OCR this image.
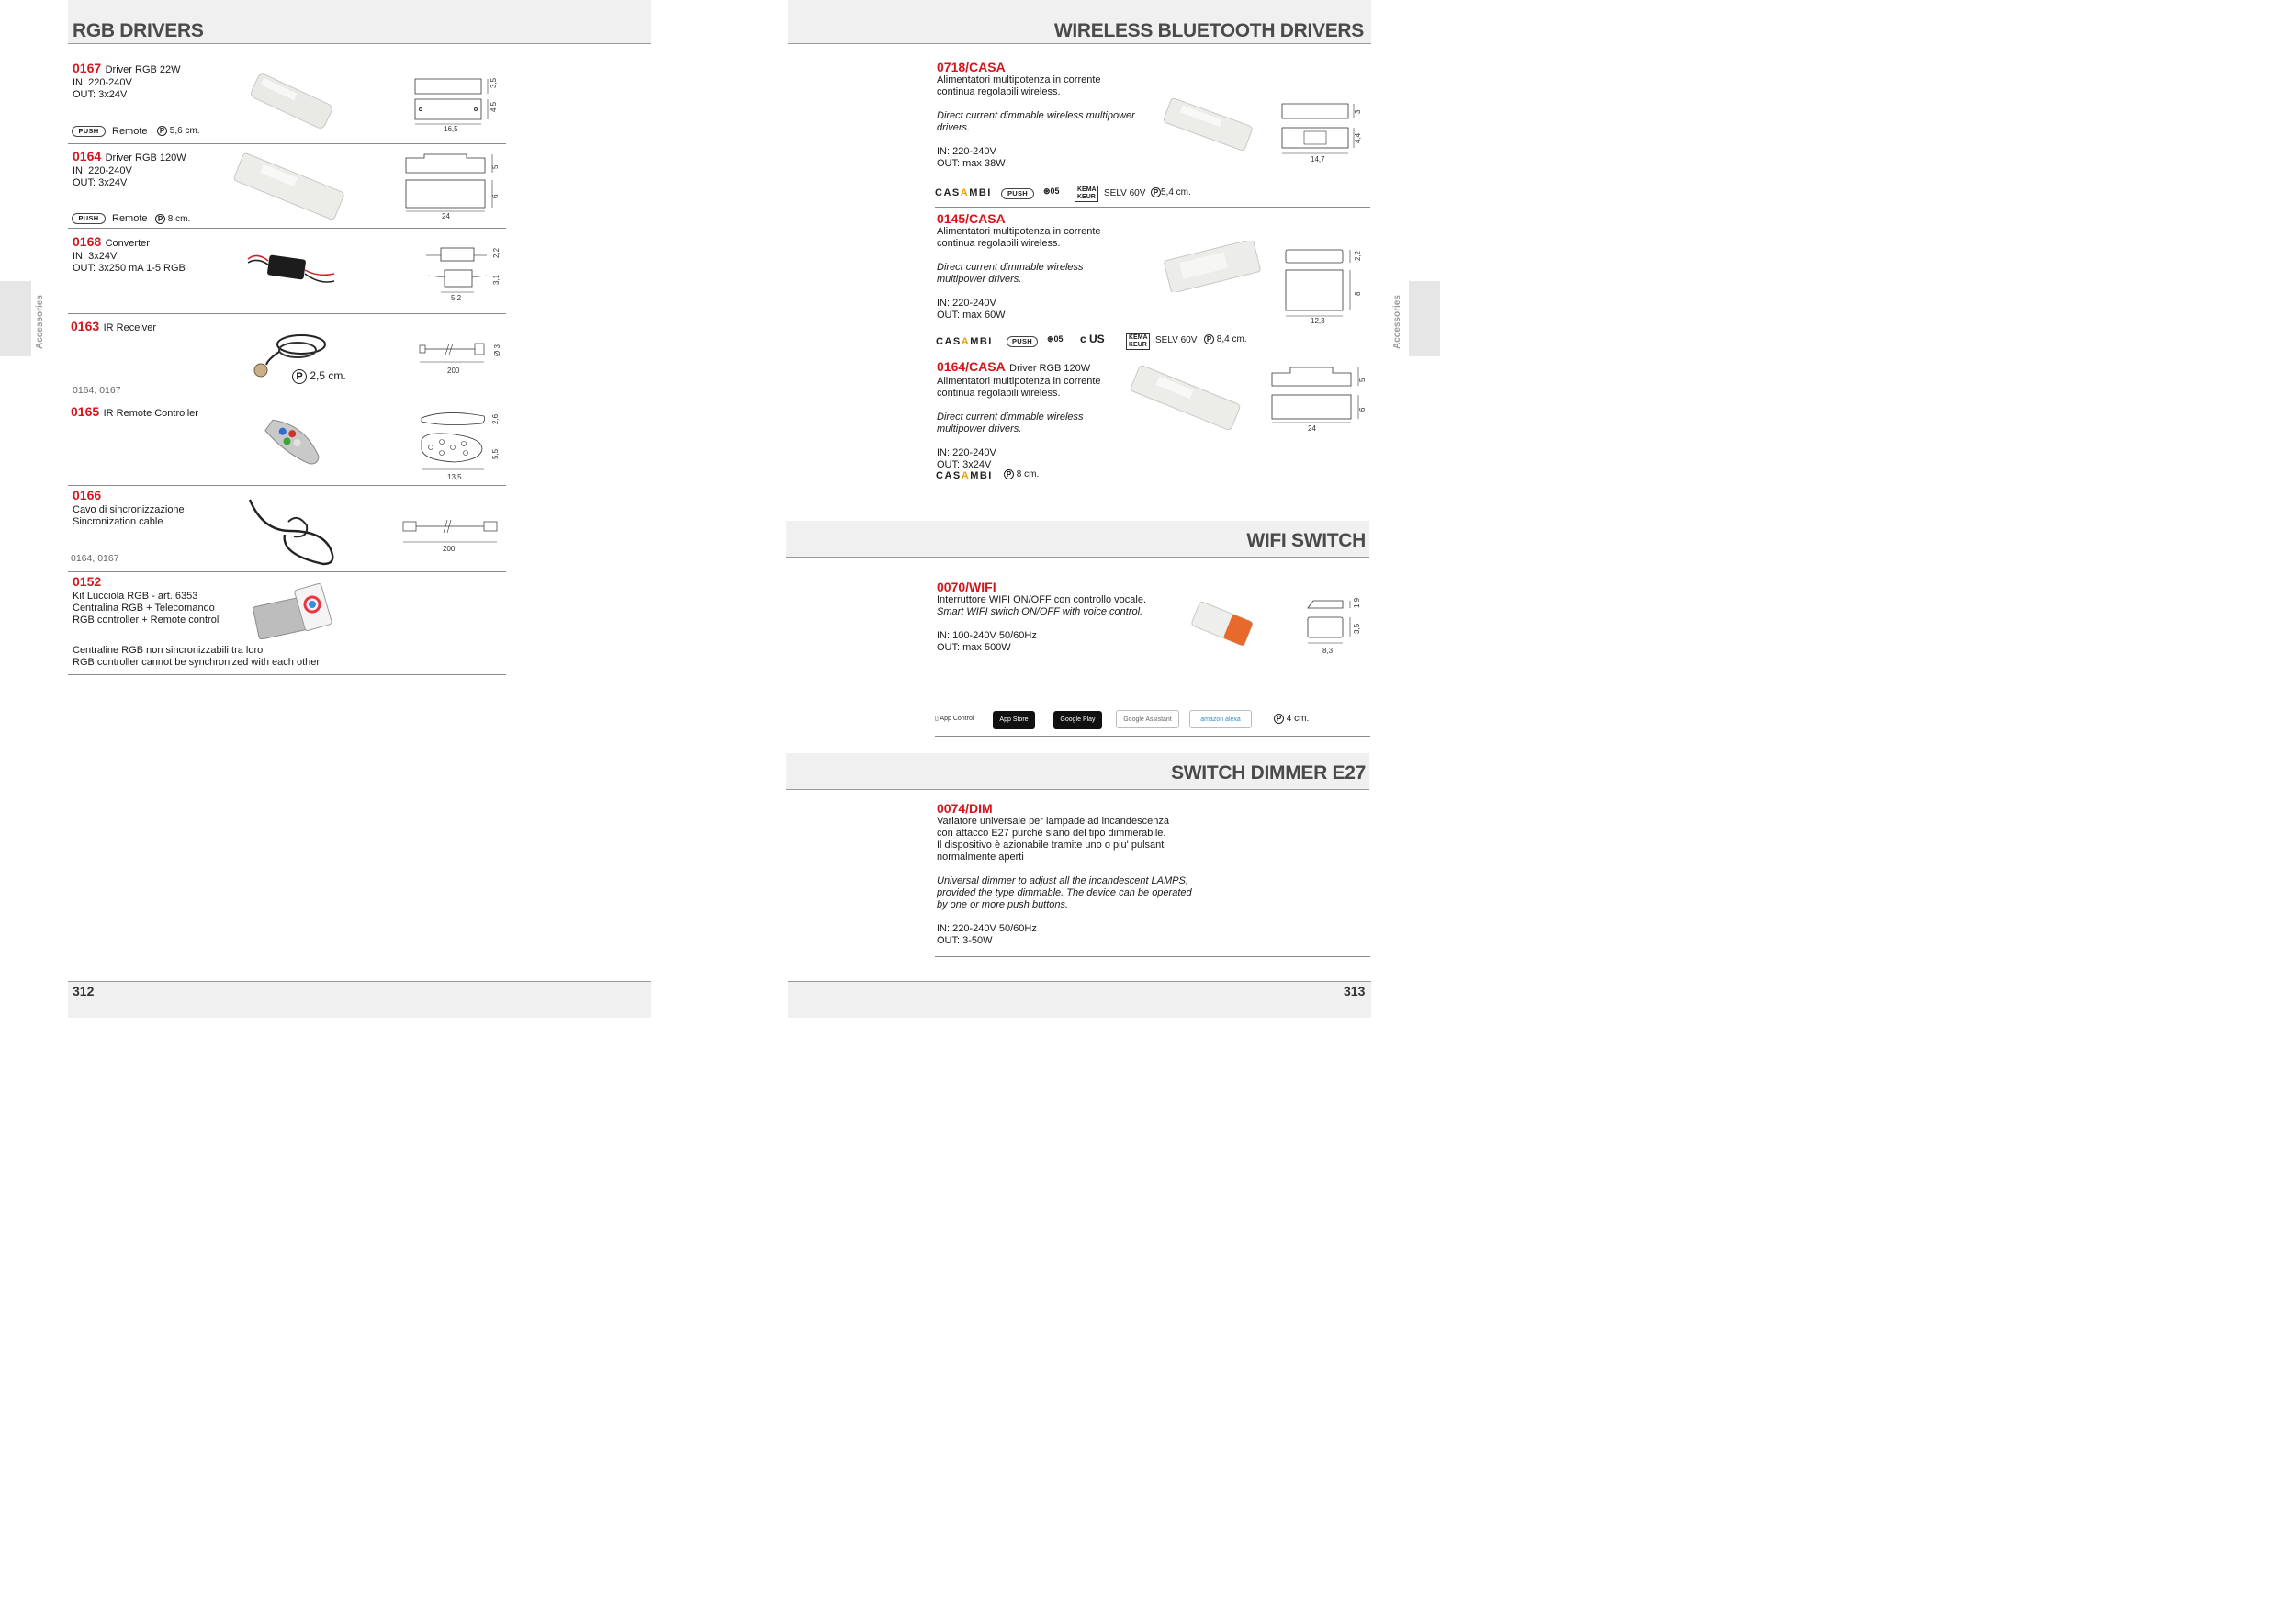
RGB DRIVERS
Accessories
0167 Driver RGB 22W
IN: 220-240V
OUT: 3x24V
3,5
4,5
16,5
PUSH	Remote	P 5,6 cm.
0164 Driver RGB 120W
IN: 220-240V
OUT: 3x24V
5
6
24
PUSH	Remote	P 8 cm.
0168 Converter
IN: 3x24V
OUT: 3x250 mA 1-5 RGB
2,2
3,1
5,2
0163 IR Receiver
P 2,5 cm.
Ø 3
200
0164, 0167
0165 IR Remote Controller
2,6
5,5
13,5
0166
Cavo di sincronizzazione
Sincronization cable
200
0164, 0167
0152
Kit Lucciola RGB - art. 6353
Centralina RGB + Telecomando
RGB controller + Remote control
Centraline RGB non sincronizzabili tra loro
RGB controller cannot be synchronized with each other
312
WIRELESS BLUETOOTH DRIVERS
Accessories
0718/CASA
Alimentatori multipotenza in corrente
continua regolabili wireless.
Direct current dimmable wireless multipower
drivers.
IN: 220-240V
OUT: max 38W
3
4,4
14,7
CASAMBI	PUSH	⊛05	KEMA KEUR SELV 60V	P 5,4 cm.
0145/CASA
Alimentatori multipotenza in corrente
continua regolabili wireless.
Direct current dimmable wireless
multipower drivers.
IN: 220-240V
OUT: max 60W
2,2
8
12,3
CASAMBI	PUSH	⊛05 c US	KEMA KEUR SELV 60V	P 8,4 cm.
0164/CASA Driver RGB 120W
Alimentatori multipotenza in corrente
continua regolabili wireless.
Direct current dimmable wireless
multipower drivers.
IN: 220-240V
OUT: 3x24V
5
6
24
CASAMBI	P 8 cm.
WIFI SWITCH
0070/WIFI
Interruttore WIFI ON/OFF con controllo vocale.
Smart WIFI switch ON/OFF with voice control.
IN: 100-240V 50/60Hz
OUT: max 500W
1,9
3,5
8,3
▯ App Control	App Store	Google Play	Google Assistant	amazon alexa	P 4 cm.
SWITCH DIMMER E27
0074/DIM
Variatore universale per lampade ad incandescenza
con attacco E27 purchè siano del tipo dimmerabile.
Il dispositivo è azionabile tramite uno o piu' pulsanti
normalmente aperti
Universal dimmer to adjust all the incandescent LAMPS,
provided the type dimmable. The device can be operated
by one or more push buttons.
IN: 220-240V 50/60Hz
OUT: 3-50W
313
